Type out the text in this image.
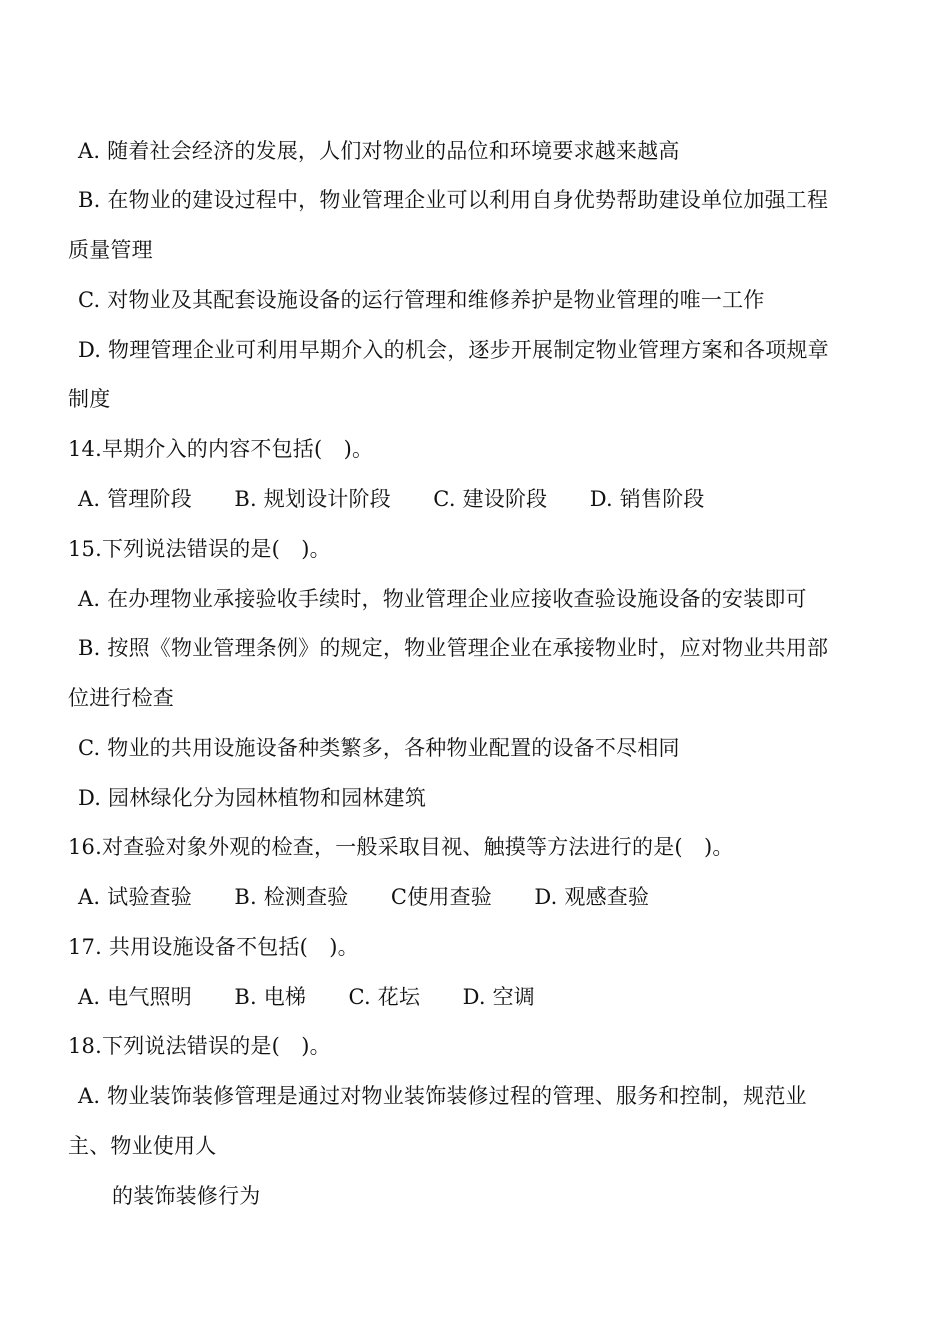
A. 随着社会经济的发展，人们对物业的品位和环境要求越来越高
B. 在物业的建设过程中，物业管理企业可以利用自身优势帮助建设单位加强工程
质量管理
C. 对物业及其配套设施设备的运行管理和维修养护是物业管理的唯一工作
D. 物理管理企业可利用早期介入的机会，逐步开展制定物业管理方案和各项规章
制度
14.早期介入的内容不包括(　)。
A. 管理阶段　　B. 规划设计阶段　　C. 建设阶段　　D. 销售阶段
15.下列说法错误的是(　)。
A. 在办理物业承接验收手续时，物业管理企业应接收查验设施设备的安装即可
B. 按照《物业管理条例》的规定，物业管理企业在承接物业时，应对物业共用部
位进行检查
C. 物业的共用设施设备种类繁多，各种物业配置的设备不尽相同
D. 园林绿化分为园林植物和园林建筑
16.对查验对象外观的检查，一般采取目视、触摸等方法进行的是(　)。
A. 试验查验　　B. 检测查验　　C使用查验　　D. 观感查验
17. 共用设施设备不包括(　)。
A. 电气照明　　B. 电梯　　C. 花坛　　D. 空调
18.下列说法错误的是(　)。
A. 物业装饰装修管理是通过对物业装饰装修过程的管理、服务和控制，规范业
主、物业使用人
的装饰装修行为
